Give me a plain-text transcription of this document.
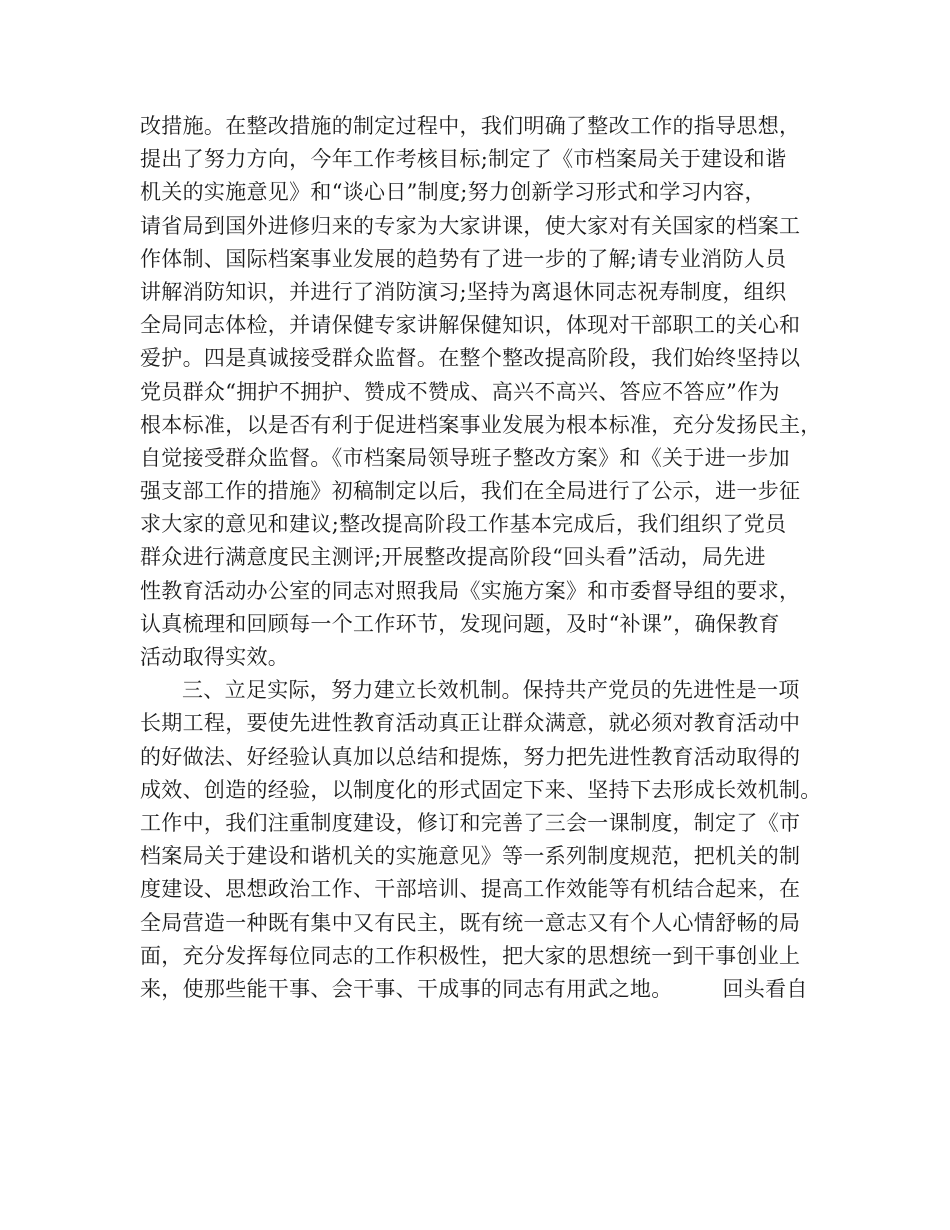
改措施。在整改措施的制定过程中，我们明确了整改工作的指导思想，
提出了努力方向，今年工作考核目标;制定了《市档案局关于建设和谐
机关的实施意见》和“谈心日”制度;努力创新学习形式和学习内容，
请省局到国外进修归来的专家为大家讲课，使大家对有关国家的档案工
作体制、国际档案事业发展的趋势有了进一步的了解;请专业消防人员
讲解消防知识，并进行了消防演习;坚持为离退休同志祝寿制度，组织
全局同志体检，并请保健专家讲解保健知识，体现对干部职工的关心和
爱护。四是真诚接受群众监督。在整个整改提高阶段，我们始终坚持以
党员群众“拥护不拥护、赞成不赞成、高兴不高兴、答应不答应”作为
根本标准，以是否有利于促进档案事业发展为根本标准，充分发扬民主，
自觉接受群众监督。《市档案局领导班子整改方案》和《关于进一步加
强支部工作的措施》初稿制定以后，我们在全局进行了公示，进一步征
求大家的意见和建议;整改提高阶段工作基本完成后，我们组织了党员
群众进行满意度民主测评;开展整改提高阶段“回头看”活动，局先进
性教育活动办公室的同志对照我局《实施方案》和市委督导组的要求，
认真梳理和回顾每一个工作环节，发现问题，及时“补课”，确保教育
活动取得实效。
三、立足实际，努力建立长效机制。保持共产党员的先进性是一项
长期工程，要使先进性教育活动真正让群众满意，就必须对教育活动中
的好做法、好经验认真加以总结和提炼，努力把先进性教育活动取得的
成效、创造的经验，以制度化的形式固定下来、坚持下去形成长效机制。
工作中，我们注重制度建设，修订和完善了三会一课制度，制定了《市
档案局关于建设和谐机关的实施意见》等一系列制度规范，把机关的制
度建设、思想政治工作、干部培训、提高工作效能等有机结合起来，在
全局营造一种既有集中又有民主，既有统一意志又有个人心情舒畅的局
面，充分发挥每位同志的工作积极性，把大家的思想统一到干事创业上
来，使那些能干事、会干事、干成事的同志有用武之地。 回头看自
